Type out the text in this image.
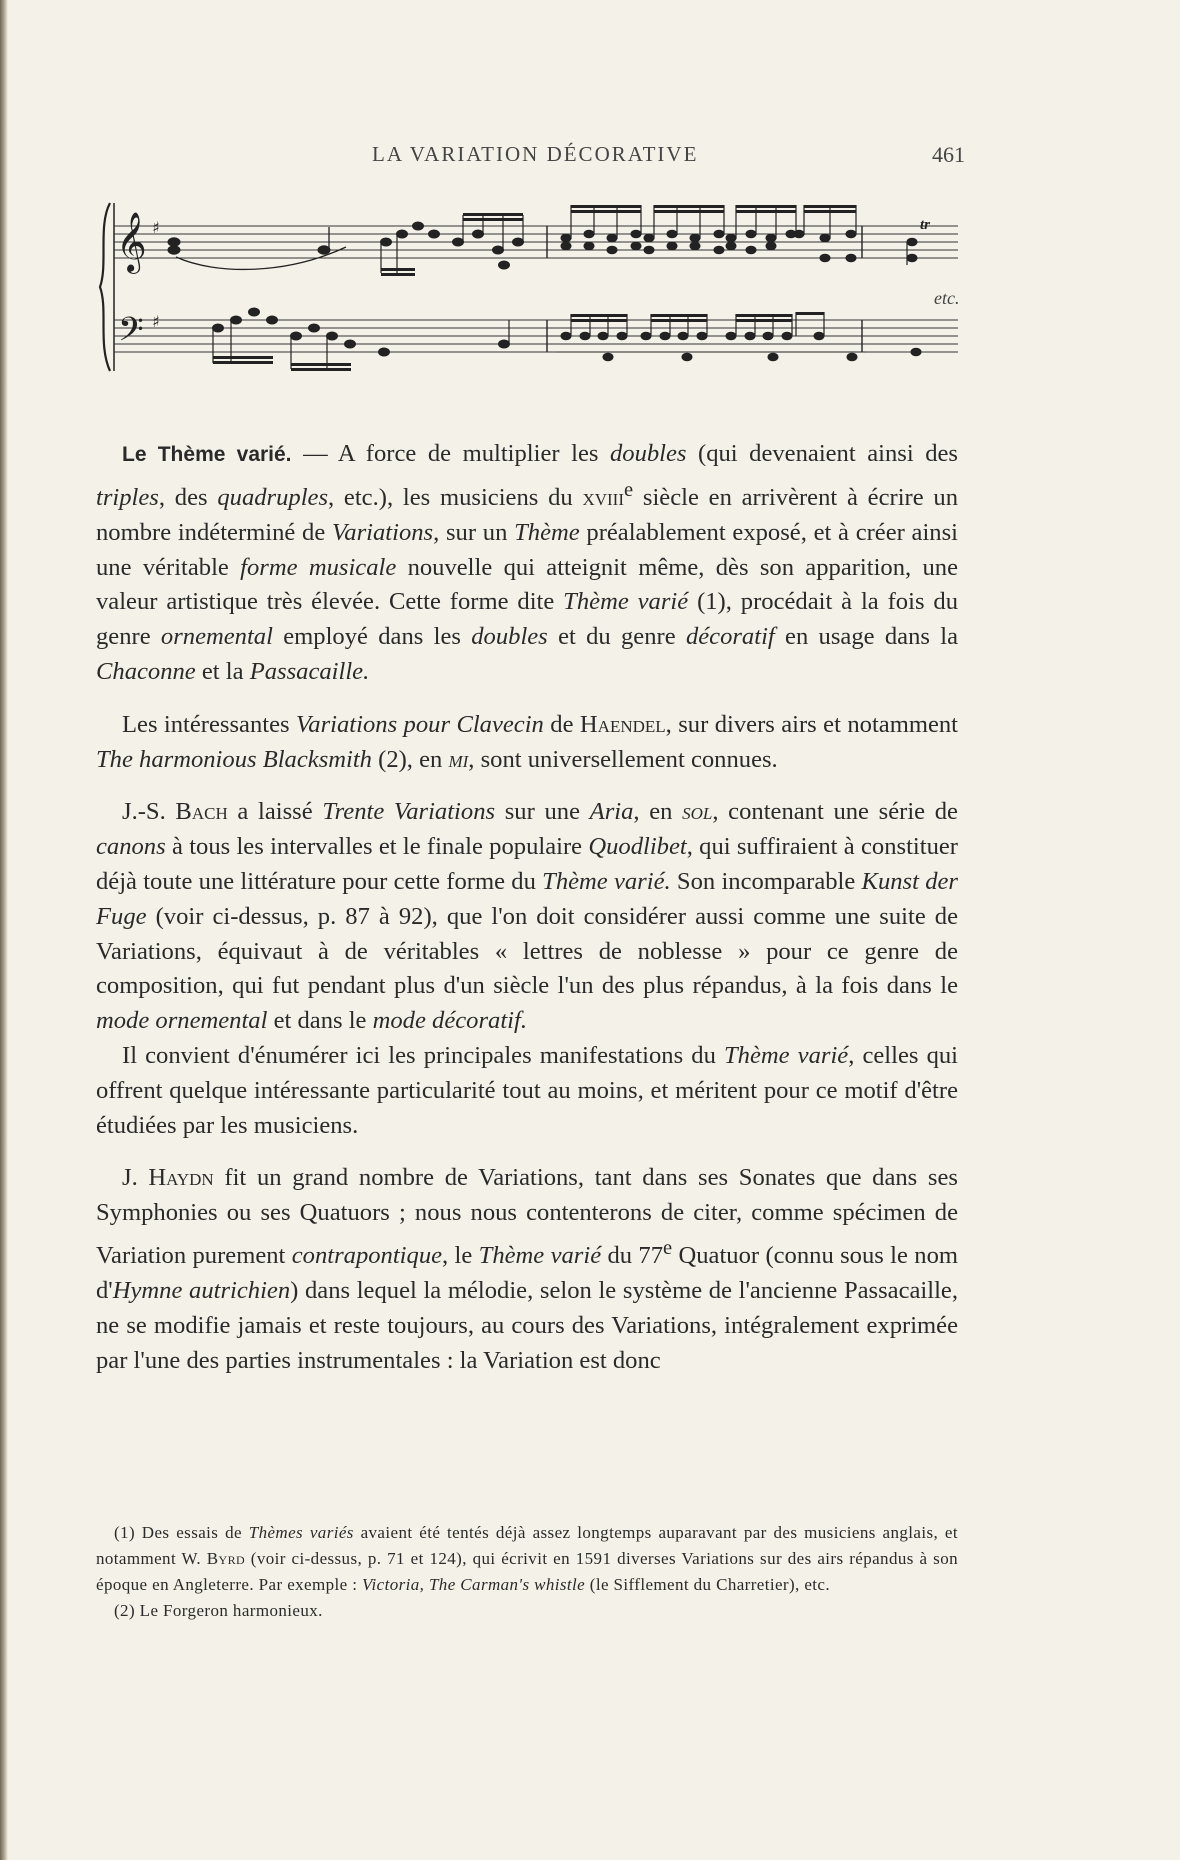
LA VARIATION DÉCORATIVE	461
𝄞
𝄢
♯
♯
tr
etc.

Le Thème varié. — A force de multiplier les doubles (qui devenaient ainsi des triples, des quadruples, etc.), les musiciens du xviii$^e$ siècle en arrivèrent à écrire un nombre indéterminé de Variations, sur un Thème préalablement exposé, et à créer ainsi une véritable forme musicale nouvelle qui atteignit même, dès son apparition, une valeur artistique très élevée. Cette forme dite Thème varié (1), procédait à la fois du genre ornemental employé dans les doubles et du genre décoratif en usage dans la Chaconne et la Passacaille.

Les intéressantes Variations pour Clavecin de Haendel, sur divers airs et notamment The harmonious Blacksmith (2), en mi, sont universellement connues.

J.-S. Bach a laissé Trente Variations sur une Aria, en sol, contenant une série de canons à tous les intervalles et le finale populaire Quodlibet, qui suffiraient à constituer déjà toute une littérature pour cette forme du Thème varié. Son incomparable Kunst der Fuge (voir ci-dessus, p. 87 à 92), que l'on doit considérer aussi comme une suite de Variations, équivaut à de véritables « lettres de noblesse » pour ce genre de composition, qui fut pendant plus d'un siècle l'un des plus répandus, à la fois dans le mode ornemental et dans le mode décoratif.

Il convient d'énumérer ici les principales manifestations du Thème varié, celles qui offrent quelque intéressante particularité tout au moins, et méritent pour ce motif d'être étudiées par les musiciens.

J. Haydn fit un grand nombre de Variations, tant dans ses Sonates que dans ses Symphonies ou ses Quatuors ; nous nous contenterons de citer, comme spécimen de Variation purement contrapontique, le Thème varié du 77e Quatuor (connu sous le nom d'Hymne autrichien) dans lequel la mélodie, selon le système de l'ancienne Passacaille, ne se modifie jamais et reste toujours, au cours des Variations, intégralement exprimée par l'une des parties instrumentales : la Variation est donc

(1) Des essais de Thèmes variés avaient été tentés déjà assez longtemps auparavant par des musiciens anglais, et notamment W. Byrd (voir ci-dessus, p. 71 et 124), qui écrivit en 1591 diverses Variations sur des airs répandus à son époque en Angleterre. Par exemple : Victoria, The Carman's whistle (le Sifflement du Charretier), etc.

(2) Le Forgeron harmonieux.
